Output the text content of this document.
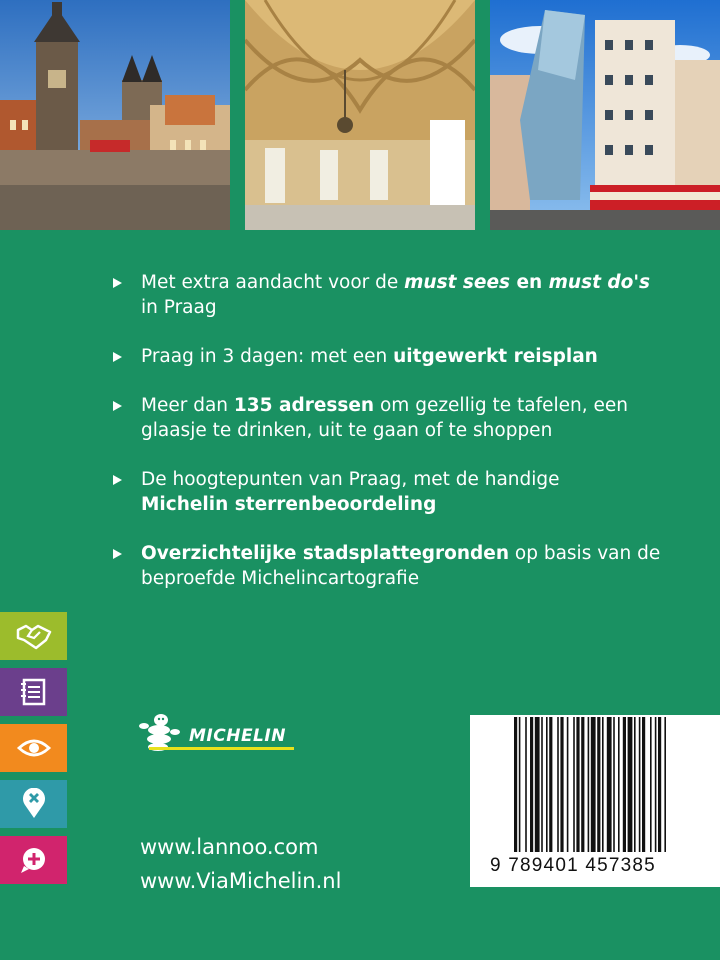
Met extra aandacht voor de must sees en must do's
in Praag
Praag in 3 dagen: met een uitgewerkt reisplan
Meer dan 135 adressen om gezellig te tafelen, een glaasje te drinken, uit te gaan of te shoppen
De hoogtepunten van Praag, met de handige
Michelin sterrenbeoordeling
Overzichtelijke stadsplattegronden op basis van de beproefde Michelincartografie
MICHELIN
www.lannoo.com
www.ViaMichelin.nl
9 789401 457385
